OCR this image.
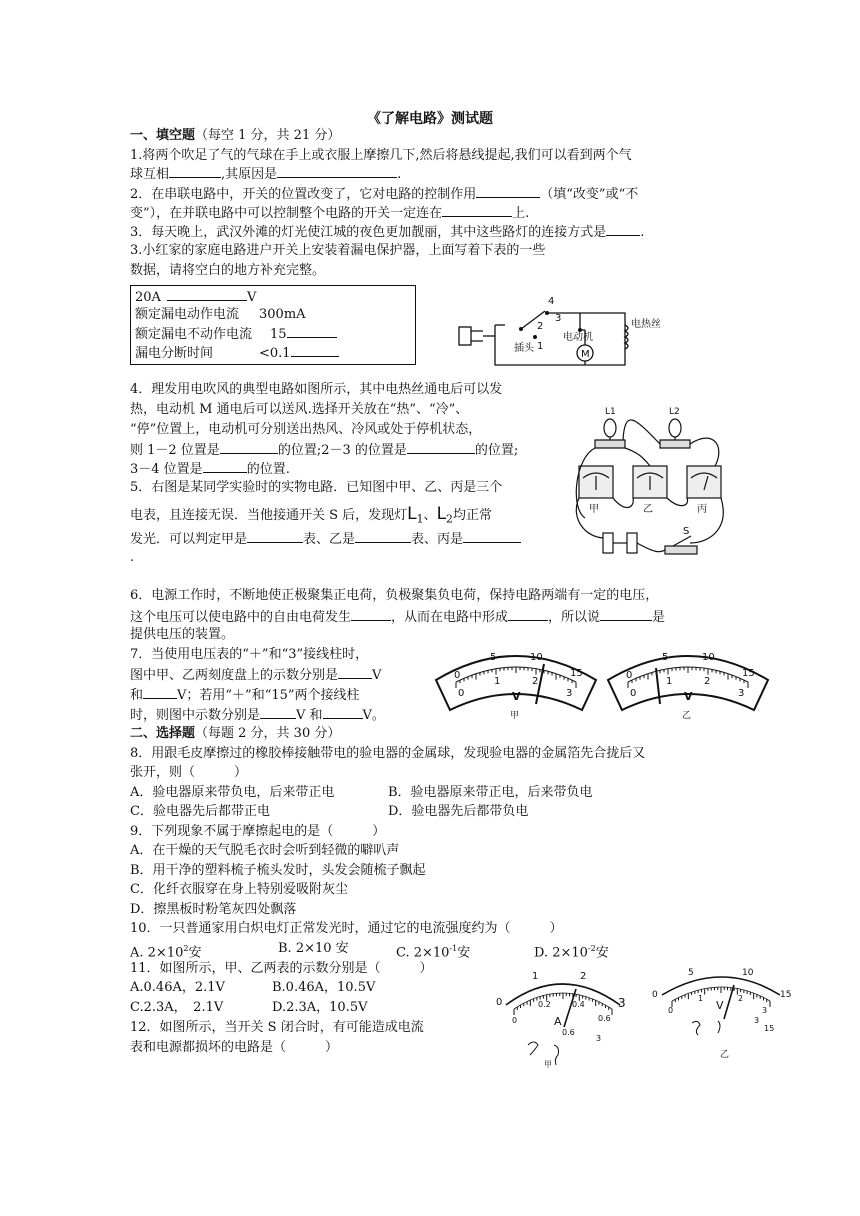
《了解电路》测试题
一、填空题（每空 1 分，共 21 分）
1.将两个吹足了气的气球在手上或衣服上摩擦几下,然后将悬线提起,我们可以看到两个气
球互相	,其原因是	.
2．在串联电路中，开关的位置改变了，它对电路的控制作用	（填“改变”或“不
变”），在并联电路中可以控制整个电路的开关一定连在	上.
3．每天晚上，武汉外滩的灯光使江城的夜色更加靓丽，其中这些路灯的连接方式是	.
3.小红家的家庭电路进户开关上安装着漏电保护器，上面写着下表的一些
数据，请将空白的地方补充完整。
20A	V
额定漏电动作电流 300mA
额定漏电不动作电流 15
漏电分断时间	<0.1
4
2
3
1
插头
电动机
M
电热丝
4．理发用电吹风的典型电路如图所示，其中电热丝通电后可以发
热，电动机 M 通电后可以送风.选择开关放在“热”、“冷”、
“停”位置上，电动机可分别送出热风、冷风或处于停机状态，
则 1－2 位置是	的位置;2－3 的位置是	的位置;
3－4 位置是	的位置.
5．右图是某同学实验时的实物电路．已知图中甲、乙、丙是三个
电表，且连接无误．当他接通开关 S 后，发现灯$L_1$、$L_2$均正常
发光．可以判定甲是	表、乙是	表、丙是
.
L1	L2
甲	乙	丙
S
6．电源工作时，不断地使正极聚集正电荷，负极聚集负电荷，保持电路两端有一定的电压，
这个电压可以使电路中的自由电荷发生	，从而在电路中形成	，所以说	是
提供电压的装置。
7．当使用电压表的“＋”和“3”接线柱时，
图中甲、乙两刻度盘上的示数分别是	V
和	V；若用“＋”和“15”两个接线柱
时，则图中示数分别是	V 和	V。
0
5	10
15
0
1	2
3
V
甲
0
5	10
15
0
1	2
3
V
乙
二、选择题（每题 2 分，共 30 分）
8．用跟毛皮摩擦过的橡胶棒接触带电的验电器的金属球，发现验电器的金属箔先合拢后又
张开，则（　　　）
A．验电器原来带负电，后来带正电	B．验电器原来带正电，后来带负电
C．验电器先后都带正电	D．验电器先后都带负电
9．下列现象不属于摩擦起电的是（　　　）
A．在干燥的天气脱毛衣时会听到轻微的噼叭声
B．用干净的塑料梳子梳头发时，头发会随梳子飘起
C．化纤衣服穿在身上特别爱吸附灰尘
D．擦黑板时粉笔灰四处飘落
10．一只普通家用白炽电灯正常发光时，通过它的电流强度约为（　　　）
A. $2\times 10^2$安	B. 2×10 安	C. $2\times 10^{-1}$安	D. $2\times 10^{-2}$安
11．如图所示，甲、乙两表的示数分别是（　　　）
A.0.46A，2.1V	B.0.46A，10.5V
C.2.3A，　2.1V	D.2.3A，10.5V
12．如图所示，当开关 S 闭合时，有可能造成电流
表和电源都损坏的电路是（　　　）
0
1	2
3
0
0.2	0.4
0.6
A
0.6
3
甲
0
5	10
15
0
1	2
3
V
3
15
乙
